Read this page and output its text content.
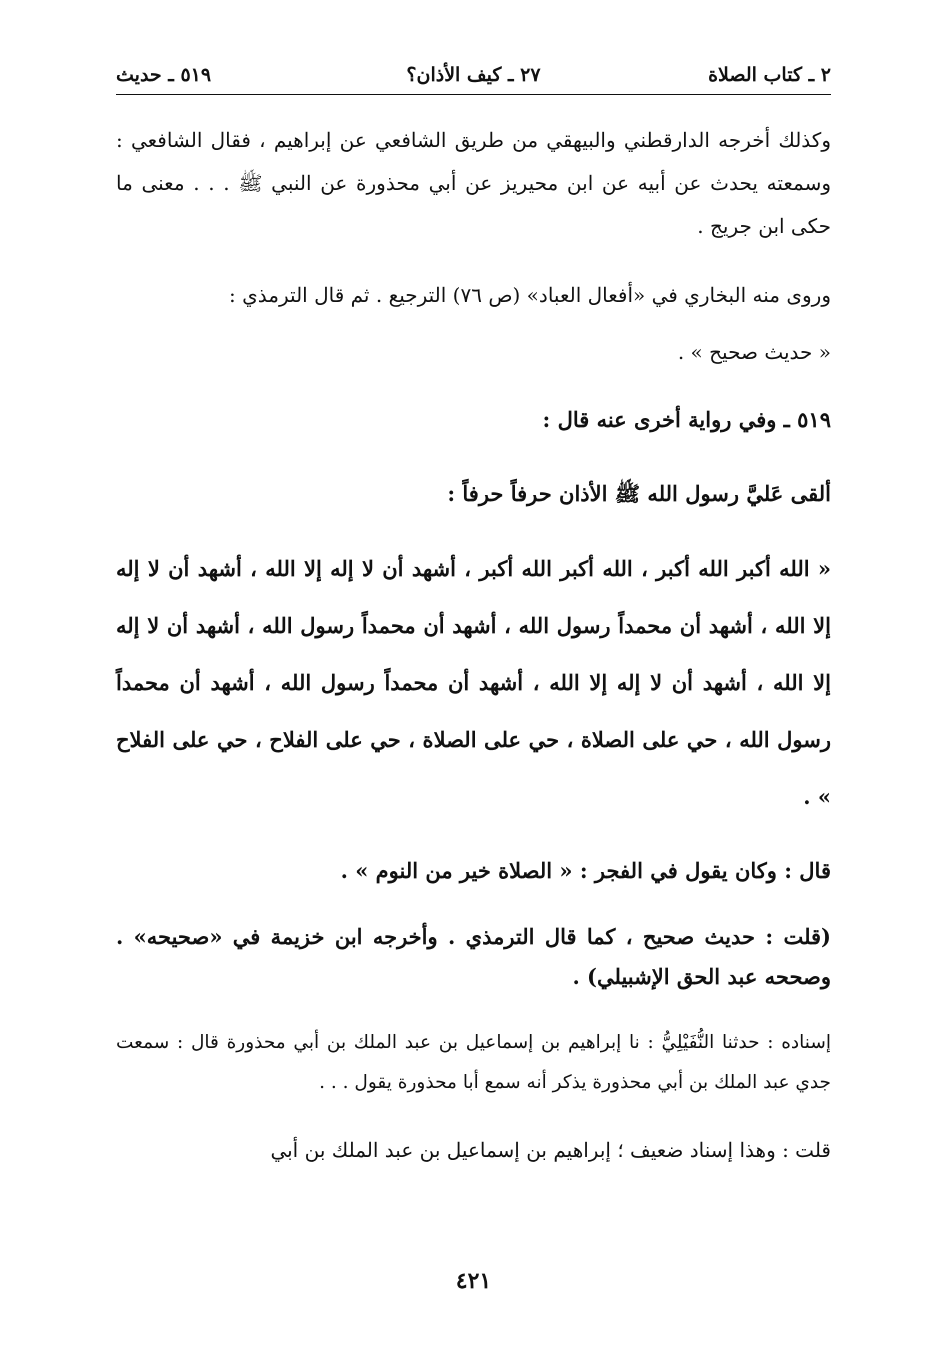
٢ ـ كتاب الصلاة
٢٧ ـ كيف الأذان؟
٥١٩ ـ حديث

وكذلك أخرجه الدارقطني والبيهقي من طريق الشافعي عن إبراهيم ، فقال الشافعي : وسمعته يحدث عن أبيه عن ابن محيريز عن أبي محذورة عن النبي ﷺ . . . معنى ما حكى ابن جريج .

وروى منه البخاري في «أفعال العباد» (ص ٧٦) الترجيع . ثم قال الترمذي :

« حديث صحيح » .

٥١٩ ـ وفي رواية أخرى عنه قال :

ألقى عَليَّ رسول الله ﷺ الأذان حرفاً حرفاً :

« الله أكبر الله أكبر ، الله أكبر الله أكبر ، أشهد أن لا إله إلا الله ، أشهد أن لا إله إلا الله ، أشهد أن محمداً رسول الله ، أشهد أن محمداً رسول الله ، أشهد أن لا إله إلا الله ، أشهد أن لا إله إلا الله ، أشهد أن محمداً رسول الله ، أشهد أن محمداً رسول الله ، حي على الصلاة ، حي على الصلاة ، حي على الفلاح ، حي على الفلاح » .

قال : وكان يقول في الفجر : « الصلاة خير من النوم » .

(قلت : حديث صحيح ، كما قال الترمذي . وأخرجه ابن خزيمة في «صحيحه» . وصححه عبد الحق الإشبيلي) .

إسناده : حدثنا النُّفَيْلِيُّ : نا إبراهيم بن إسماعيل بن عبد الملك بن أبي محذورة قال : سمعت جدي عبد الملك بن أبي محذورة يذكر أنه سمع أبا محذورة يقول . . .

قلت : وهذا إسناد ضعيف ؛ إبراهيم بن إسماعيل بن عبد الملك بن أبي

٤٢١
